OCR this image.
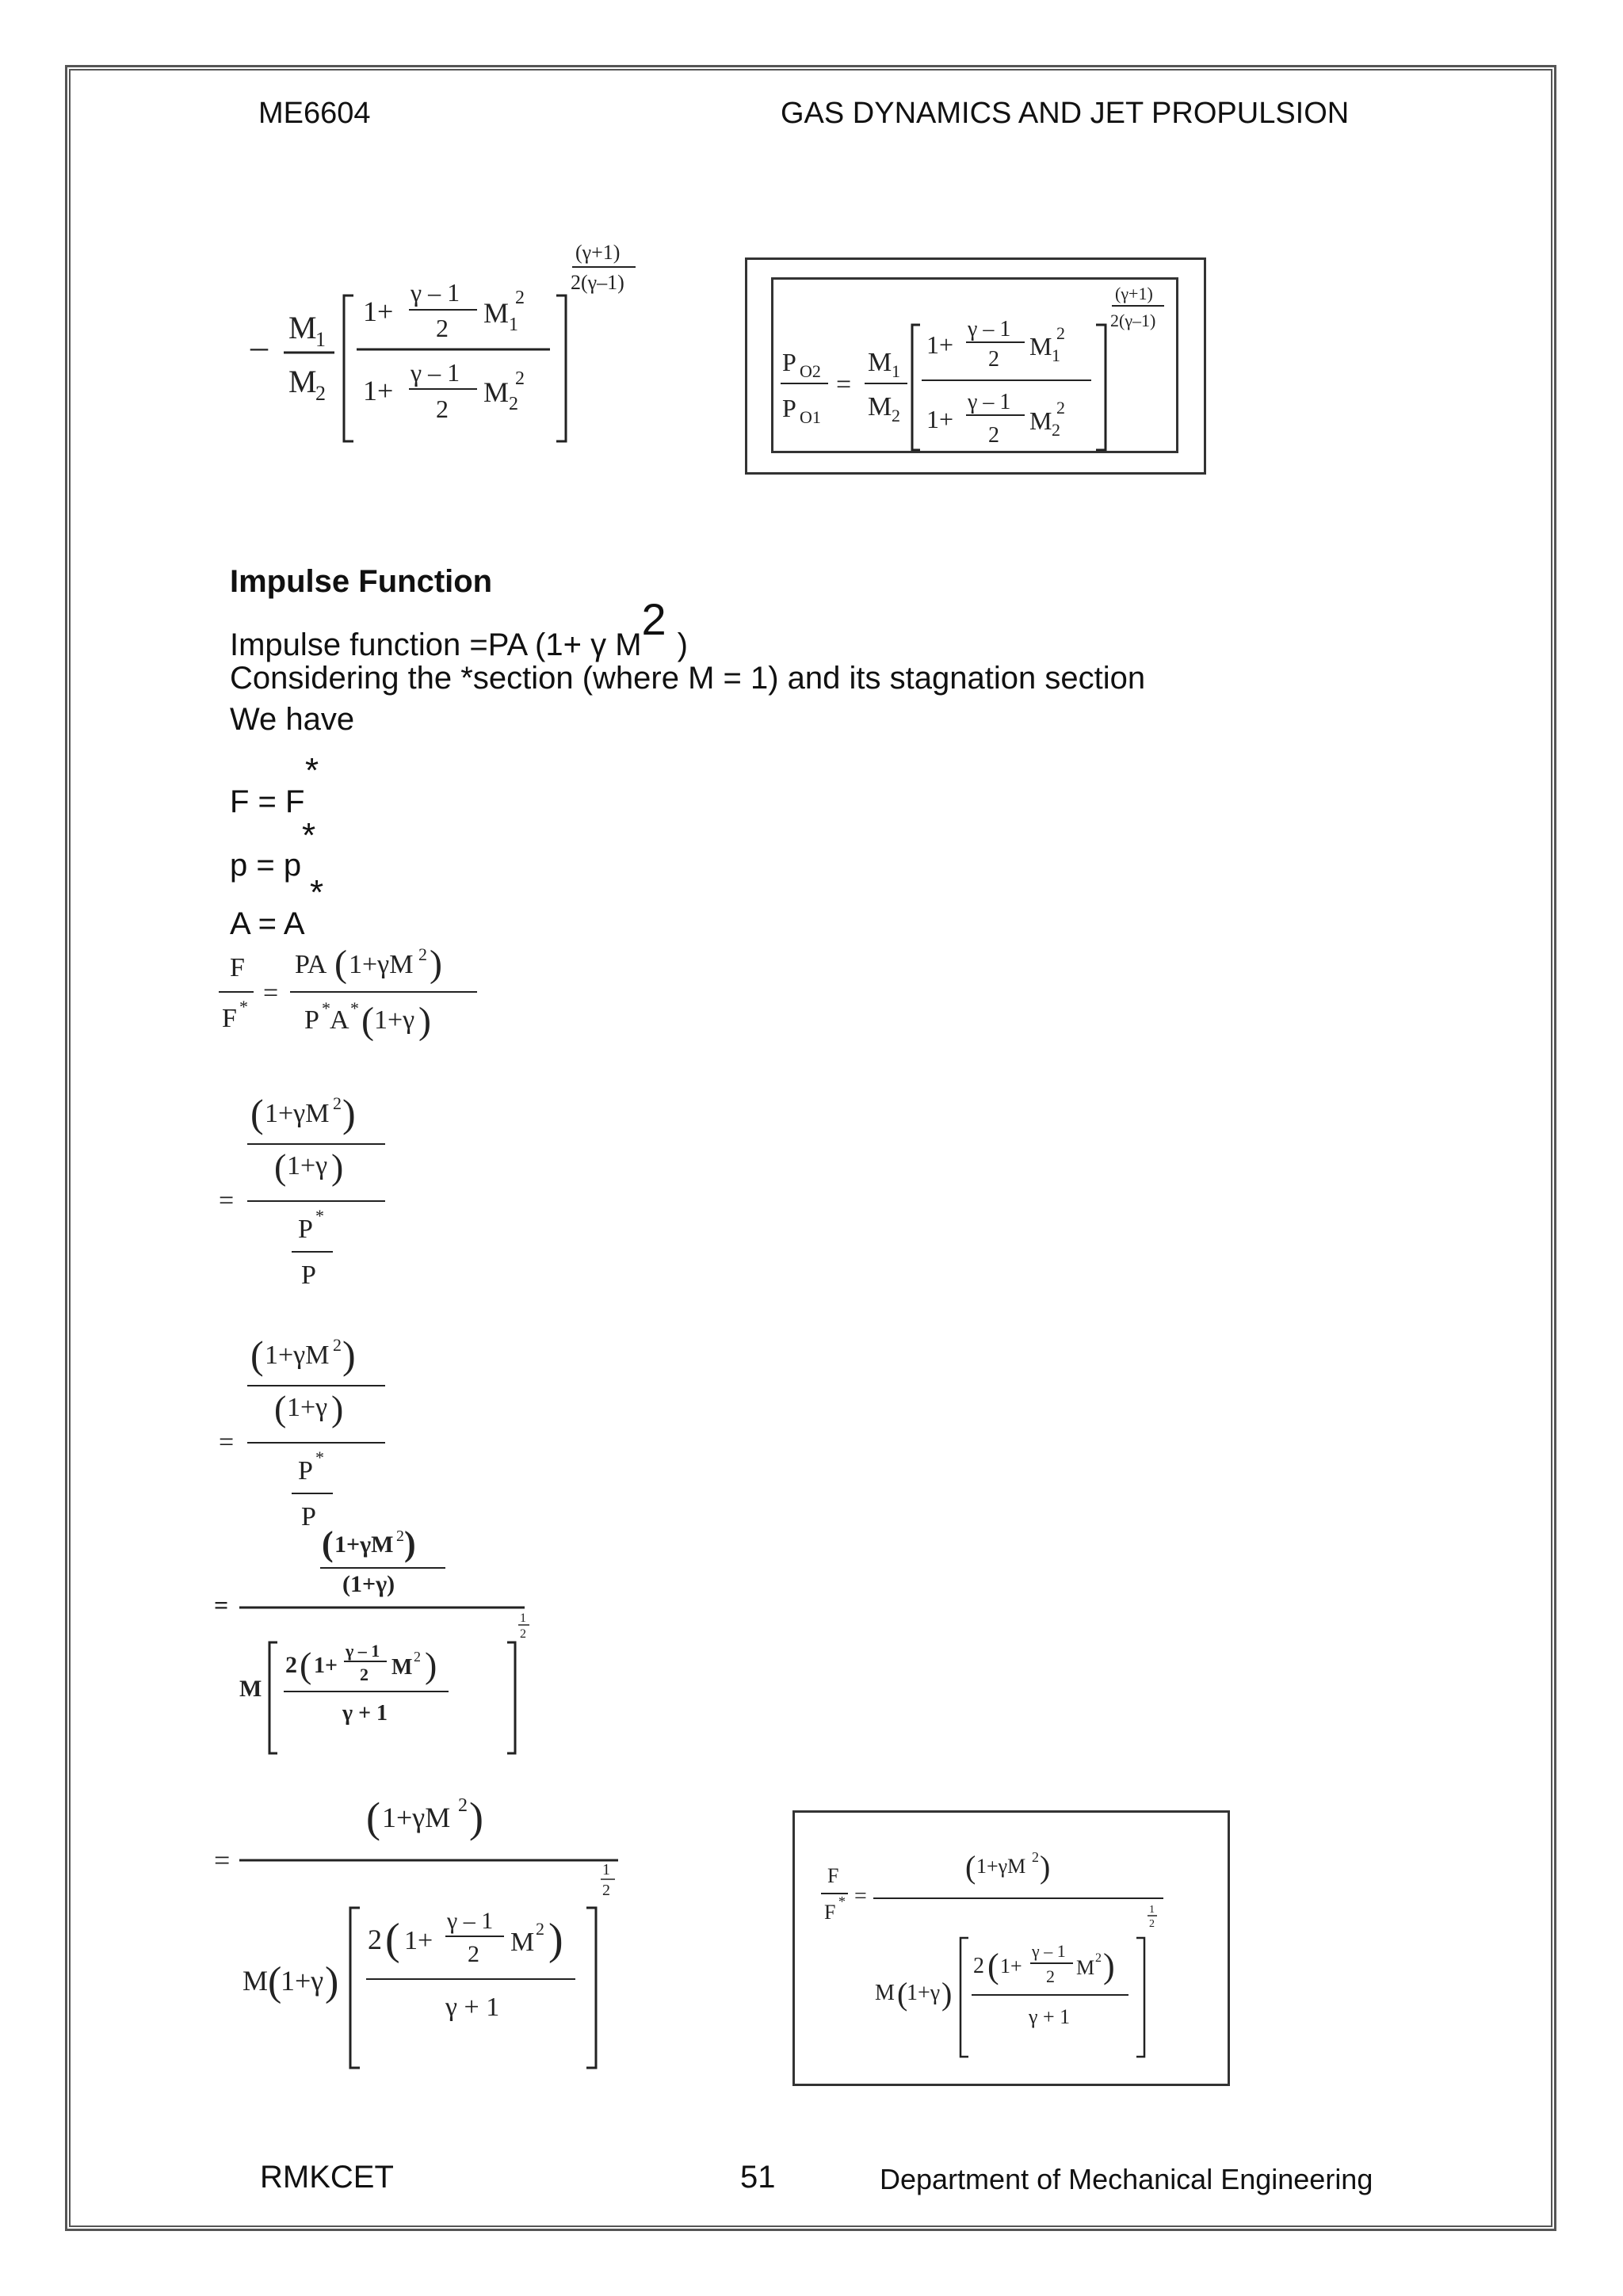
ME6604	GAS DYNAMICS AND JET PROPULSION
– M
1
M
2
1+
γ – 1
2 M 1
2
1+
γ – 1
2
M 2
2
(γ+1)
2(γ–1)
P O2
P O1
=
M 1
M 2
1+
γ – 1
2 M 1
2
1+
γ – 1
2
M 2
2
(γ+1)
2(γ–1)
Impulse Function
Impulse function =PA (1+ γ M2)
Considering the *section (where M = 1) and its stagnation section
We have
*
F = F
*
p = p
*
A = A
F
F * =
PA ( 1+γM 2 )
P * A * ( 1+γ )
( 1+γM 2 )
( 1+γ )
=
P *
P
( 1+γM 2 )
( 1+γ )
=
P *
P
( 1+γM 2 )
(1+γ)
=
M
2 ( 1+
γ – 1
2 M 2 )
γ + 1
1
2
( 1+γM 2 )
=
M (
1+γ )
2 ( 1+
γ – 1
2 M 2 )
γ + 1
1
2
F
F * =
( 1+γM 2 )
M (
1+γ )
2 ( 1+
γ – 1
2 M 2 )
γ + 1
1
2
RMKCET	51	Department of Mechanical Engineering
